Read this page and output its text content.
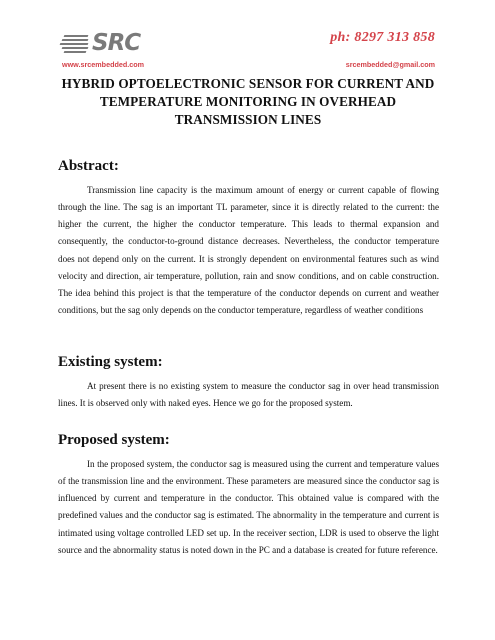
SRC	ph: 8297 313 858
www.srcembedded.com	srcembedded@gmail.com
HYBRID OPTOELECTRONIC SENSOR FOR CURRENT AND
TEMPERATURE MONITORING IN OVERHEAD
TRANSMISSION LINES
Abstract:

Transmission line capacity is the maximum amount of energy or current capable of flowing through the line. The sag is an important TL parameter, since it is directly related to the current: the higher the current, the higher the conductor temperature. This leads to thermal expansion and consequently, the conductor-to-ground distance decreases. Nevertheless, the conductor temperature does not depend only on the current. It is strongly dependent on environmental features such as wind velocity and direction, air temperature, pollution, rain and snow conditions, and on cable construction. The idea behind this project is that the temperature of the conductor depends on current and weather conditions, but the sag only depends on the conductor temperature, regardless of weather conditions

Existing system:

At present there is no existing system to measure the conductor sag in over head transmission lines. It is observed only with naked eyes. Hence we go for the proposed system.

Proposed system:

In the proposed system, the conductor sag is measured using the current and temperature values of the transmission line and the environment. These parameters are measured since the conductor sag is influenced by current and temperature in the conductor. This obtained value is compared with the predefined values and the conductor sag is estimated. The abnormality in the temperature and current is intimated using voltage controlled LED set up. In the receiver section, LDR is used to observe the light source and the abnormality status is noted down in the PC and a database is created for future reference.
